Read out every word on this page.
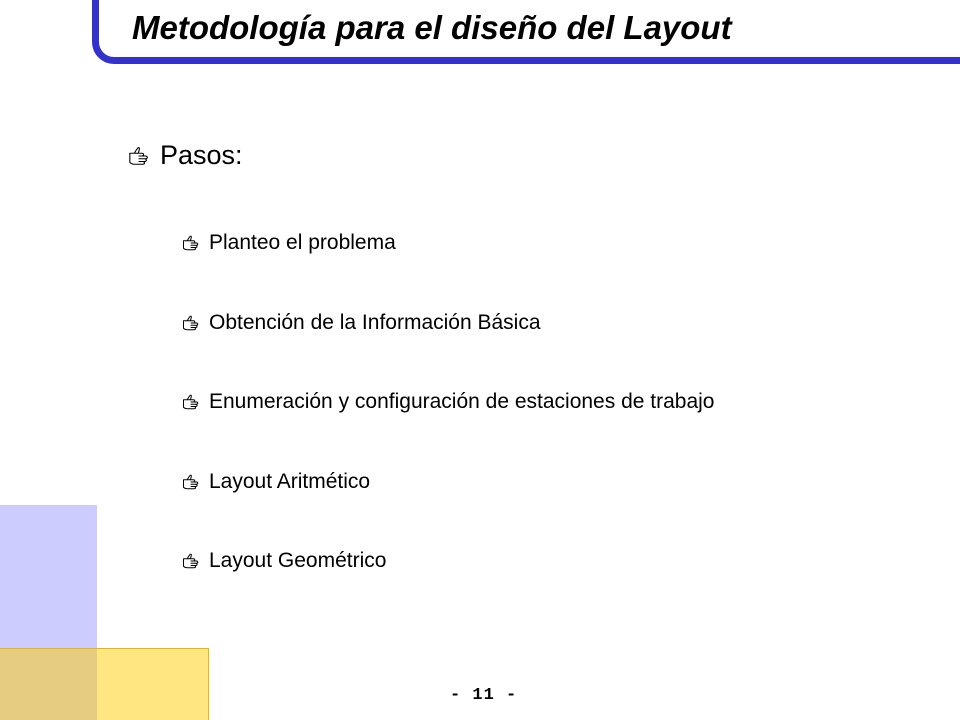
Metodología para el diseño del Layout
Pasos:
Planteo el problema
Obtención de la Información Básica
Enumeración y configuración de estaciones de trabajo
Layout Aritmético
Layout Geométrico
- 11 -
